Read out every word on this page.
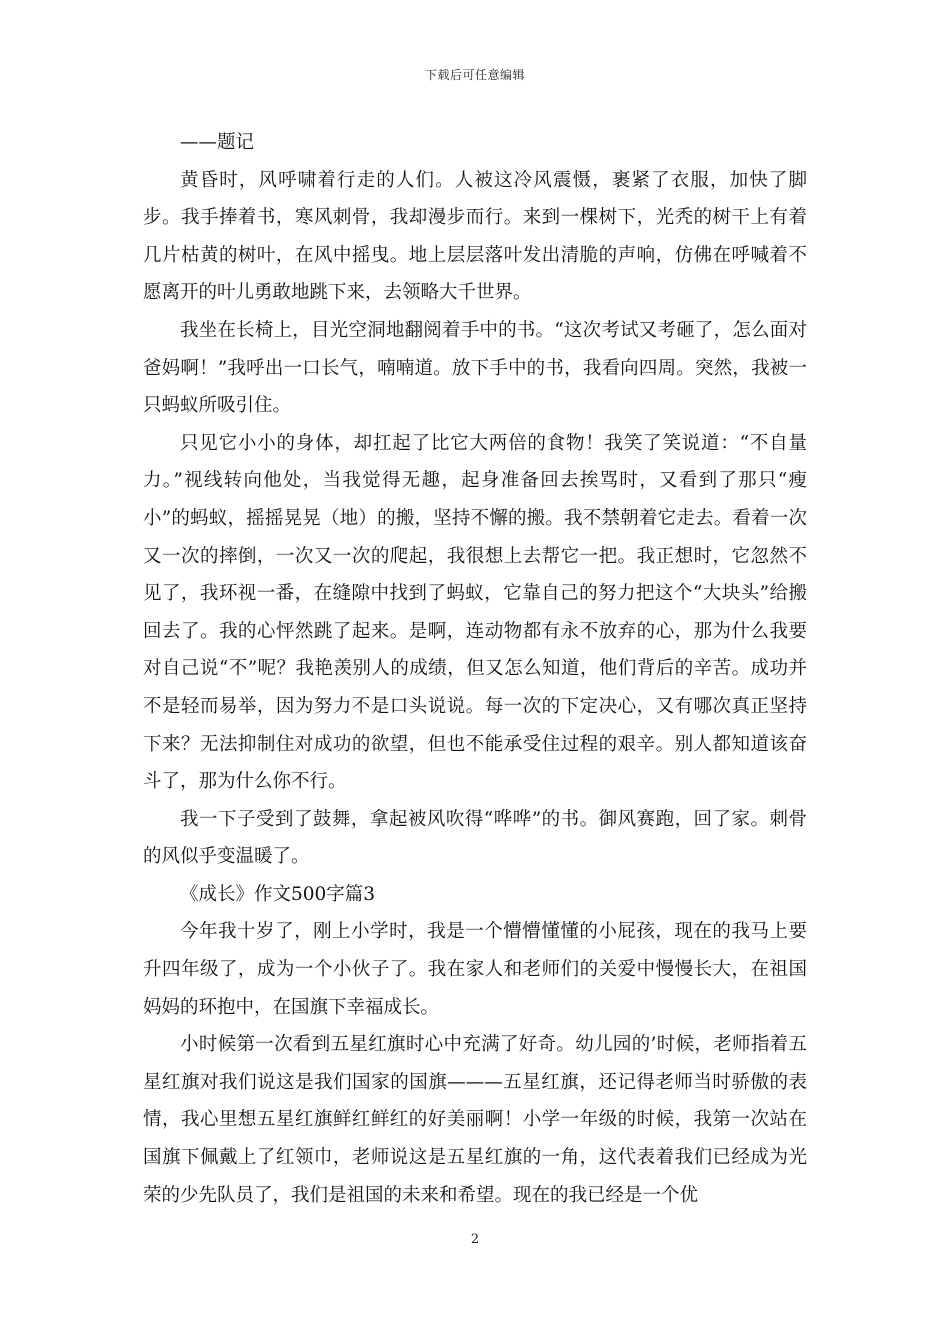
下载后可任意编辑

——题记

黄昏时，风呼啸着行走的人们。人被这冷风震慑，裹紧了衣服，加快了脚步。我手捧着书，寒风刺骨，我却漫步而行。来到一棵树下，光秃的树干上有着几片枯黄的树叶，在风中摇曳。地上层层落叶发出清脆的声响，仿佛在呼喊着不愿离开的叶儿勇敢地跳下来，去领略大千世界。

我坐在长椅上，目光空洞地翻阅着手中的书。“这次考试又考砸了，怎么面对爸妈啊！”我呼出一口长气，喃喃道。放下手中的书，我看向四周。突然，我被一只蚂蚁所吸引住。

只见它小小的身体，却扛起了比它大两倍的食物！我笑了笑说道：“不自量力。”视线转向他处，当我觉得无趣，起身准备回去挨骂时，又看到了那只“瘦小”的蚂蚁，摇摇晃晃（地）的搬，坚持不懈的搬。我不禁朝着它走去。看着一次又一次的摔倒，一次又一次的爬起，我很想上去帮它一把。我正想时，它忽然不见了，我环视一番，在缝隙中找到了蚂蚁，它靠自己的努力把这个“大块头”给搬回去了。我的心怦然跳了起来。是啊，连动物都有永不放弃的心，那为什么我要对自己说“不”呢？我艳羡别人的成绩，但又怎么知道，他们背后的辛苦。成功并不是轻而易举，因为努力不是口头说说。每一次的下定决心，又有哪次真正坚持下来？无法抑制住对成功的欲望，但也不能承受住过程的艰辛。别人都知道该奋斗了，那为什么你不行。

我一下子受到了鼓舞，拿起被风吹得“哗哗”的书。御风赛跑，回了家。刺骨的风似乎变温暖了。

《成长》作文500字篇3

今年我十岁了，刚上小学时，我是一个懵懵懂懂的小屁孩，现在的我马上要升四年级了，成为一个小伙子了。我在家人和老师们的关爱中慢慢长大，在祖国妈妈的环抱中，在国旗下幸福成长。

小时候第一次看到五星红旗时心中充满了好奇。幼儿园的’时候，老师指着五星红旗对我们说这是我们国家的国旗———五星红旗，还记得老师当时骄傲的表情，我心里想五星红旗鲜红鲜红的好美丽啊！小学一年级的时候，我第一次站在国旗下佩戴上了红领巾，老师说这是五星红旗的一角，这代表着我们已经成为光荣的少先队员了，我们是祖国的未来和希望。现在的我已经是一个优

2
